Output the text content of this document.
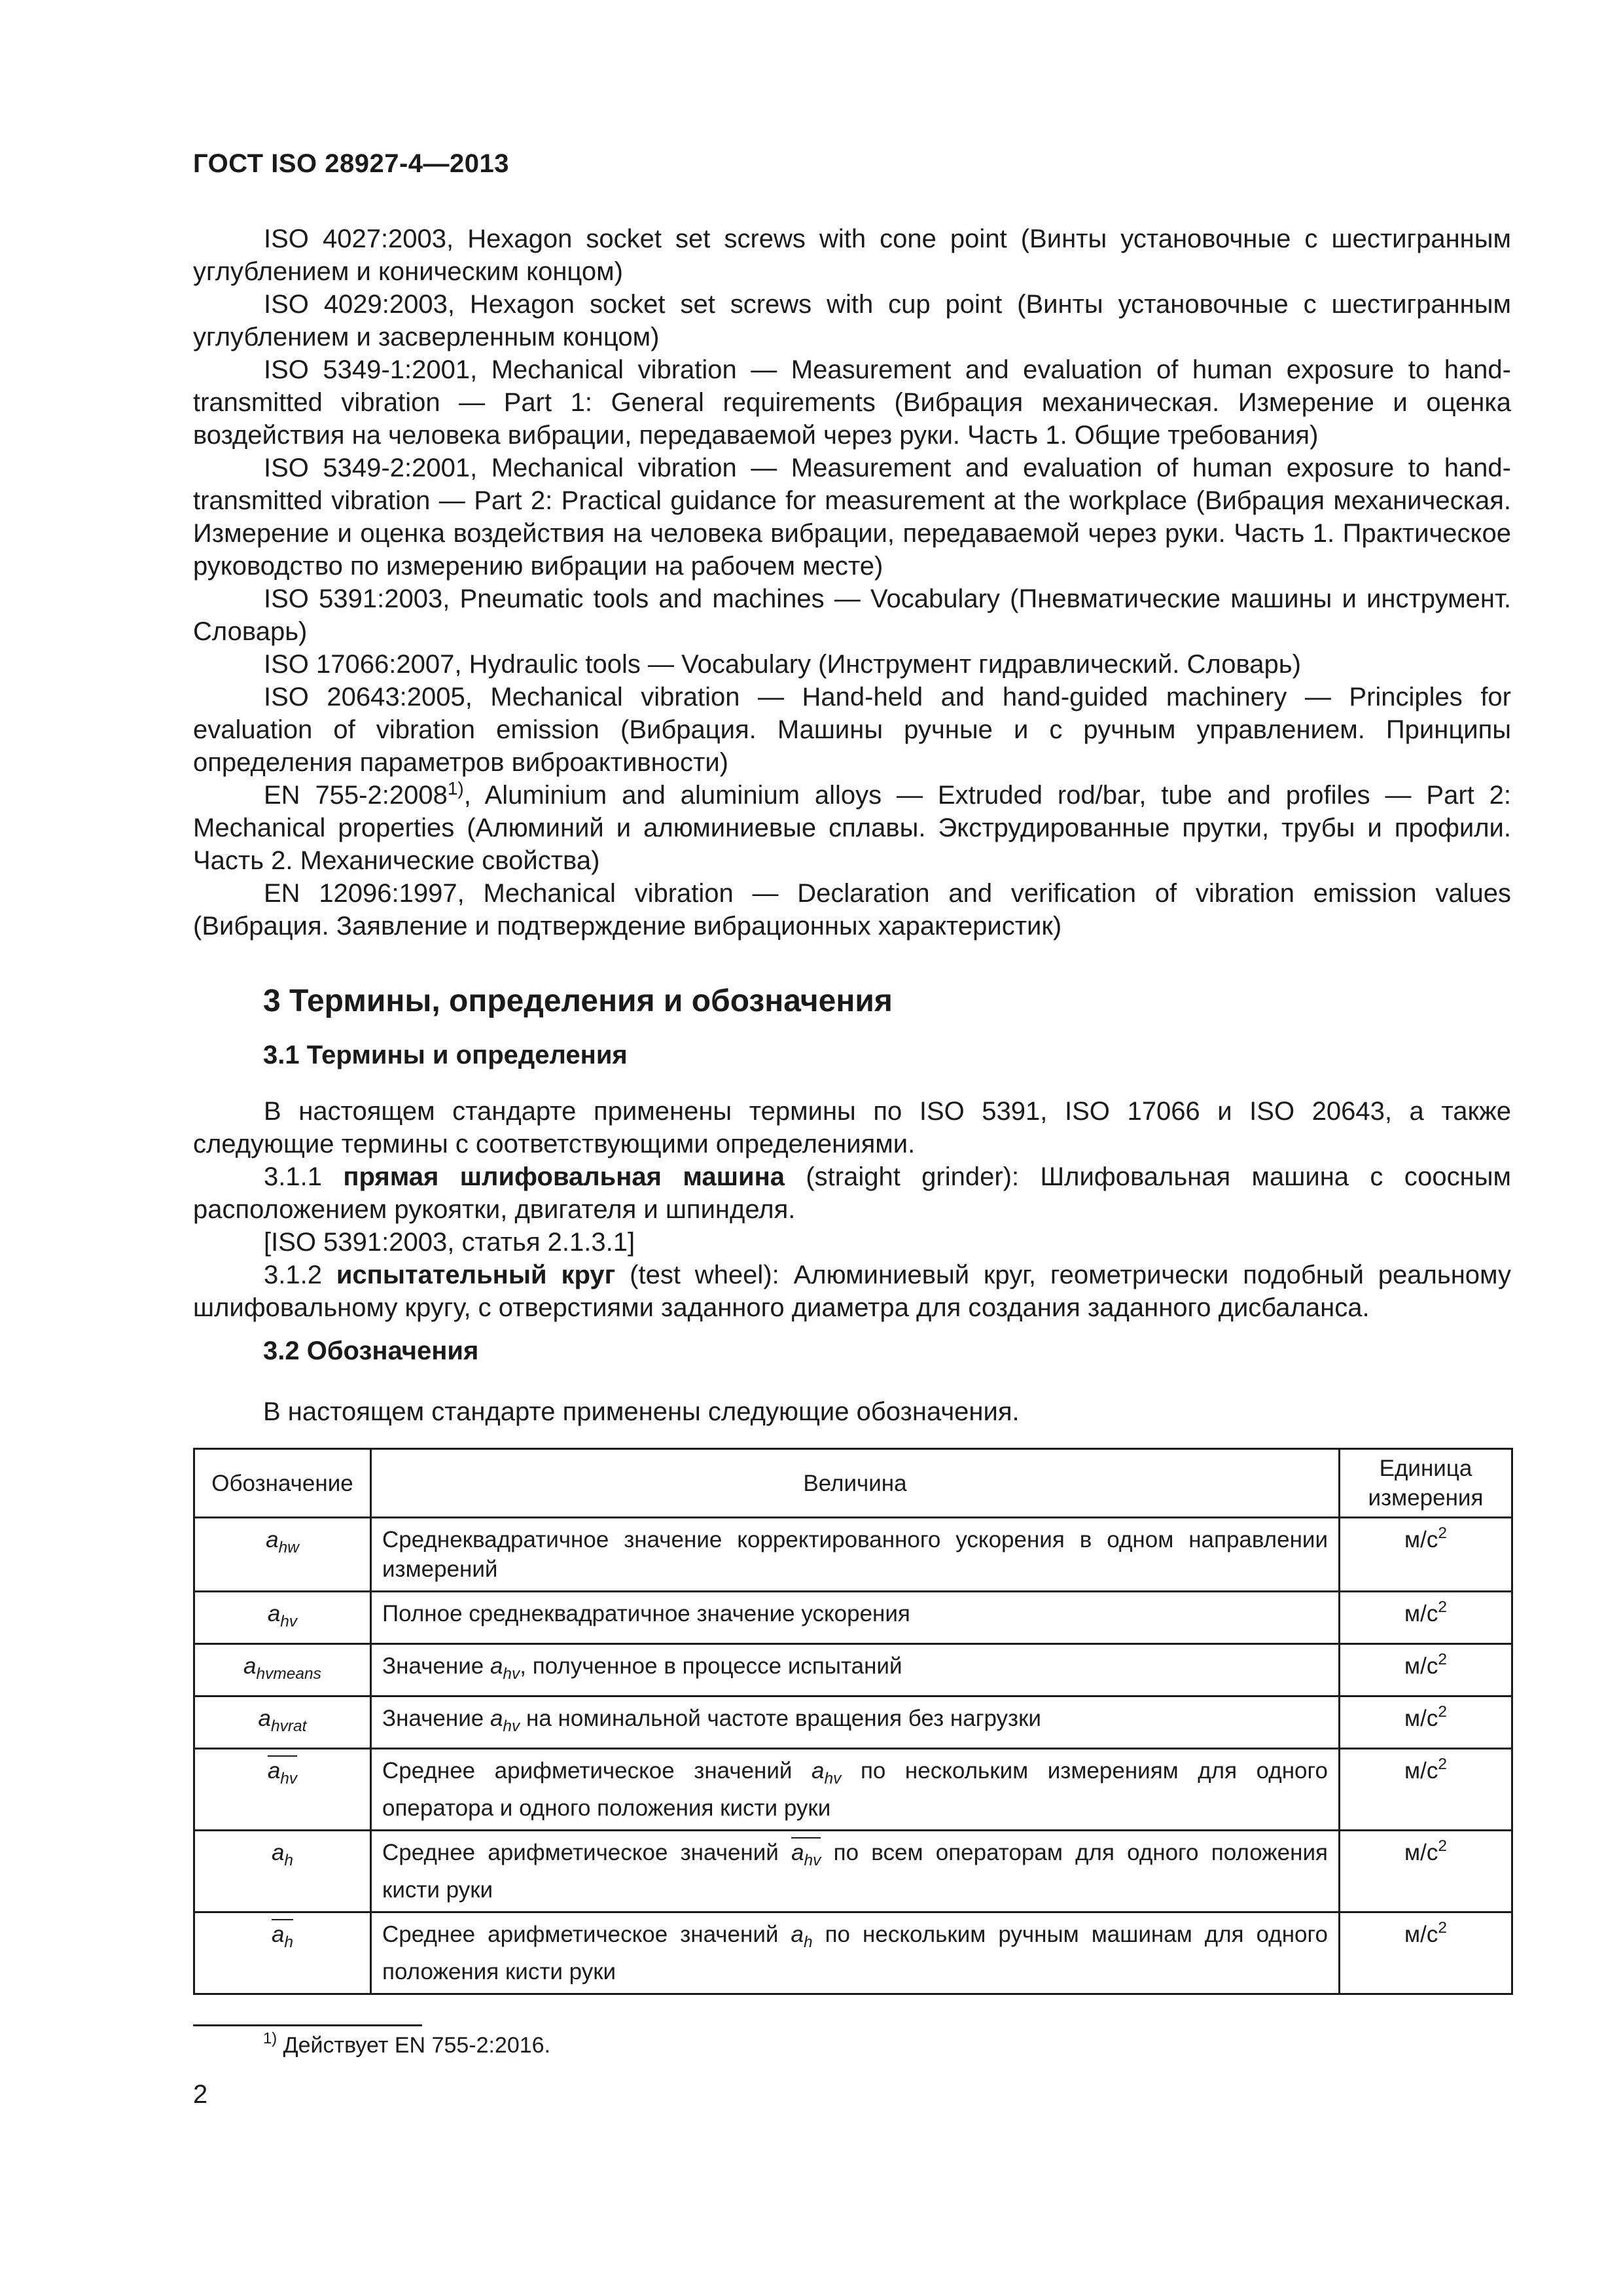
ГОСТ ISO 28927-4—2013

ISO 4027:2003, Hexagon socket set screws with cone point (Винты установочные с шестигранным углублением и коническим концом)

ISO 4029:2003, Hexagon socket set screws with cup point (Винты установочные с шестигранным углублением и засверленным концом)

ISO 5349-1:2001, Mechanical vibration — Measurement and evaluation of human exposure to hand-transmitted vibration — Part 1: General requirements (Вибрация механическая. Измерение и оценка воздействия на человека вибрации, передаваемой через руки. Часть 1. Общие требования)

ISO 5349-2:2001, Mechanical vibration — Measurement and evaluation of human exposure to hand-transmitted vibration — Part 2: Practical guidance for measurement at the workplace (Вибрация механическая. Измерение и оценка воздействия на человека вибрации, передаваемой через руки. Часть 1. Практическое руководство по измерению вибрации на рабочем месте)

ISO 5391:2003, Pneumatic tools and machines — Vocabulary (Пневматические машины и инструмент. Словарь)

ISO 17066:2007, Hydraulic tools — Vocabulary (Инструмент гидравлический. Словарь)

ISO 20643:2005, Mechanical vibration — Hand-held and hand-guided machinery — Principles for evaluation of vibration emission (Вибрация. Машины ручные и с ручным управлением. Принципы определения параметров виброактивности)

EN 755-2:2008$^{1)}$, Aluminium and aluminium alloys — Extruded rod/bar, tube and profiles — Part 2: Mechanical properties (Алюминий и алюминиевые сплавы. Экструдированные прутки, трубы и профили. Часть 2. Механические свойства)

EN 12096:1997, Mechanical vibration — Declaration and verification of vibration emission values (Вибрация. Заявление и подтверждение вибрационных характеристик)

3 Термины, определения и обозначения
3.1 Термины и определения

В настоящем стандарте применены термины по ISO 5391, ISO 17066 и ISO 20643, а также следующие термины с соответствующими определениями.

3.1.1 прямая шлифовальная машина (straight grinder): Шлифовальная машина с соосным расположением рукоятки, двигателя и шпинделя.

[ISO 5391:2003, статья 2.1.3.1]

3.1.2 испытательный круг (test wheel): Алюминиевый круг, геометрически подобный реальному шлифовальному кругу, с отверстиями заданного диаметра для создания заданного дисбаланса.

3.2 Обозначения
В настоящем стандарте применены следующие обозначения.
Обозначение	Величина	Единица
измерения
$a_{hw}$	Среднеквадратичное значение корректированного ускорения в одном направлении измерений	$м/с^2$
$a_{hv}$	Полное среднеквадратичное значение ускорения	$м/с^2$
$a_{hvmeans}$	Значение $a_{hv}$, полученное в процессе испытаний	$м/с^2$
$a_{hvrat}$	Значение $a_{hv}$ на номинальной частоте вращения без нагрузки	$м/с^2$
$a_{hv}$	Среднее арифметическое значений $a_{hv}$ по нескольким измерениям для одного оператора и одного положения кисти руки	$м/с^2$
$a_h$	Среднее арифметическое значений $a_{hv}$ по всем операторам для одного положения кисти руки	$м/с^2$
$a_h$	Среднее арифметическое значений $a_h$ по нескольким ручным машинам для одного положения кисти руки	$м/с^2$
$^{1)}$ Действует EN 755-2:2016.
2
